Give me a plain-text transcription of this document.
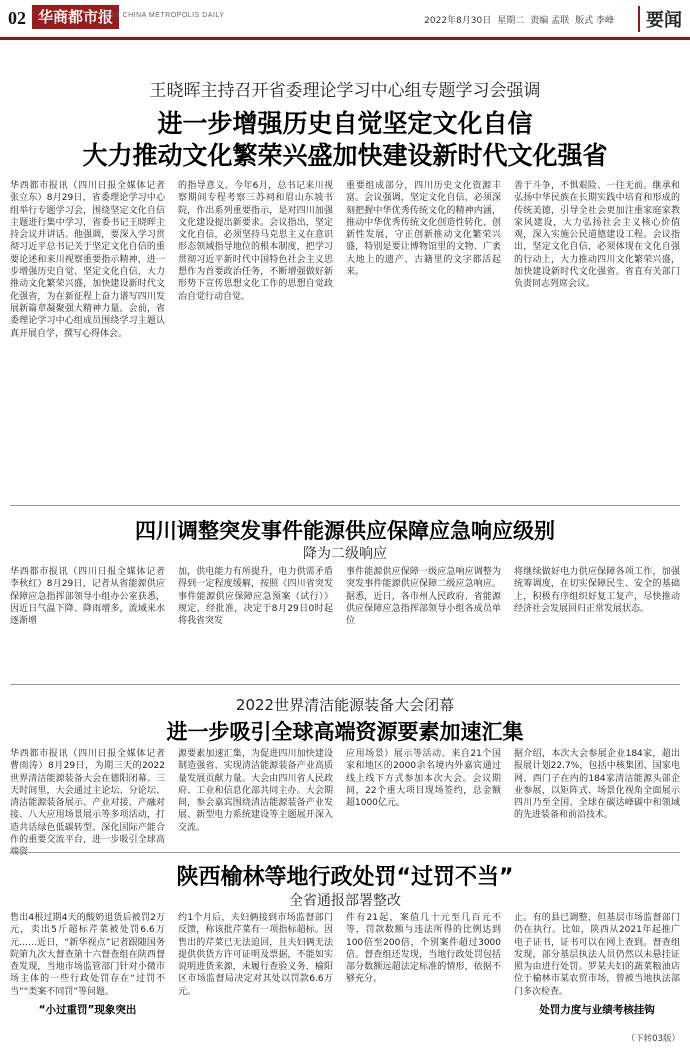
02 华商都市报
WEST CHINA METROPOLIS DAILY
2022年8月30日 星期二 责编 孟联 版式 李峰	要闻
王晓晖主持召开省委理论学习中心组专题学习会强调
进一步增强历史自觉坚定文化自信
大力推动文化繁荣兴盛加快建设新时代文化强省
华西都市报讯（四川日报全媒体记者 张立东）8月29日，省委理论学习中心组举行专题学习会，围绕坚定文化自信主题进行集中学习，省委书记王晓晖主持会议并讲话。他强调，要深入学习贯彻习近平总书记关于坚定文化自信的重要论述和来川视察重要指示精神，进一步增强历史自觉、坚定文化自信，大力推动文化繁荣兴盛，加快建设新时代文化强省，为在新征程上奋力谱写四川发展新篇章凝聚强大精神力量。会前，省委理论学习中心组成员围绕学习主题认真开展自学，撰写心得体会。
的指导意义。今年6月，总书记来川视察期间专程考察三苏祠和眉山东坡书院，作出系列重要指示，是对四川加强文化建设提出新要求。会议指出，坚定文化自信，必须坚持马克思主义在意识形态领域指导地位的根本制度，把学习贯彻习近平新时代中国特色社会主义思想作为首要政治任务，不断增强做好新形势下宣传思想文化工作的思想自觉政治自觉行动自觉。
重要组成部分，四川历史文化资源丰富。会议强调，坚定文化自信，必须深刻把握中华优秀传统文化的精神内涵，推动中华优秀传统文化创造性转化、创新性发展，守正创新推动文化繁荣兴盛，特别是要让博物馆里的文物、广袤大地上的遗产、古籍里的文字都活起来。
善于斗争，不惧艰险、一往无前。继承和弘扬中华民族在长期实践中培育和形成的传统美德，引导全社会更加注重家庭家教家风建设，大力弘扬社会主义核心价值观，深入实施公民道德建设工程。会议指出，坚定文化自信，必须体现在文化自强的行动上，大力推动四川文化繁荣兴盛，加快建设新时代文化强省。省直有关部门负责同志列席会议。
四川调整突发事件能源供应保障应急响应级别
降为二级响应
华西都市报讯（四川日报全媒体记者 李秋红）8月29日，记者从省能源供应保障应急指挥部领导小组办公室获悉，因近日气温下降、降雨增多，流域来水逐渐增
加，供电能力有所提升，电力供需矛盾得到一定程度缓解，按照《四川省突发事件能源供应保障应急预案（试行）》规定，经批准，决定于8月29日0时起将我省突发
事件能源供应保障一级应急响应调整为突发事件能源供应保障二级应急响应。据悉，近日，各市州人民政府、省能源供应保障应急指挥部领导小组各成员单位
将继续做好电力供应保障各项工作，加强统筹调度，在切实保障民生、安全的基础上，积极有序组织好复工复产，尽快推动经济社会发展回归正常发展状态。
2022世界清洁能源装备大会闭幕
进一步吸引全球高端资源要素加速汇集
华西都市报讯（四川日报全媒体记者 曹雨涛）8月29日，为期三天的2022世界清洁能源装备大会在德阳闭幕。三天时间里，大会通过主论坛、分论坛、清洁能源装备展示、产业对接、产融对接、八大应用场景展示等多项活动，打造共话绿色低碳转型、深化国际产能合作的重要交流平台，进一步吸引全球高端资
源要素加速汇集，为促进四川加快建设制造强省、实现清洁能源装备产业高质量发展贡献力量。大会由四川省人民政府、工业和信息化部共同主办。大会期间，参会嘉宾围绕清洁能源装备产业发展、新型电力系统建设等主题展开深入交流。
应用场景）展示等活动。来自21个国家和地区的2000余名境内外嘉宾通过线上线下方式参加本次大会。会议期间，22个重大项目现场签约，总金额超1000亿元。
据介绍，本次大会参展企业184家，超出报展计划22.7%，包括中核集团、国家电网、西门子在内的184家清洁能源头部企业参展，以矩阵式、场景化视角全面展示四川乃至全国、全球在碳达峰碳中和领域的先进装备和前沿技术。
陕西榆林等地行政处罚“过罚不当”
全省通报部署整改
售出4根过期4天的酸奶退货后被罚2万元，卖出5斤超标芹菜被处罚6.6万元……近日，“新华视点”记者跟随国务院第九次大督查第十六督查组在陕西督查发现，当地市场监管部门针对小微市场主体的一些行政处罚存在“过罚不当”“类案不同罚”等问题。
“小过重罚”现象突出
约1个月后，夫妇俩接到市场监督部门反馈，称该批芹菜有一项指标超标。因售出的芹菜已无法追回，且夫妇俩无法提供供货方许可证明及票据，不能如实说明进货来源，未履行查验义务，榆阳区市场监督局决定对其处以罚款6.6万元。
件有21起，案值几十元至几百元不等，罚款数额与违法所得的比例达到100倍至200倍，个别案件超过3000倍。督查组还发现，当地行政处罚包括部分数额远超法定标准的情形，依据不够充分。
止。有的县已调整，但基层市场监督部门仍在执行。比如，陕西从2021年起推广电子证书，证书可以在网上查到。督查组发现，部分基层执法人员仍然以未悬挂证照为由进行处罚。罗某夫妇的蔬菜粮油店位于榆林市某农贸市场，曾被当地执法部门多次检查。
处罚力度与业绩考核挂钩
（下转03版）
